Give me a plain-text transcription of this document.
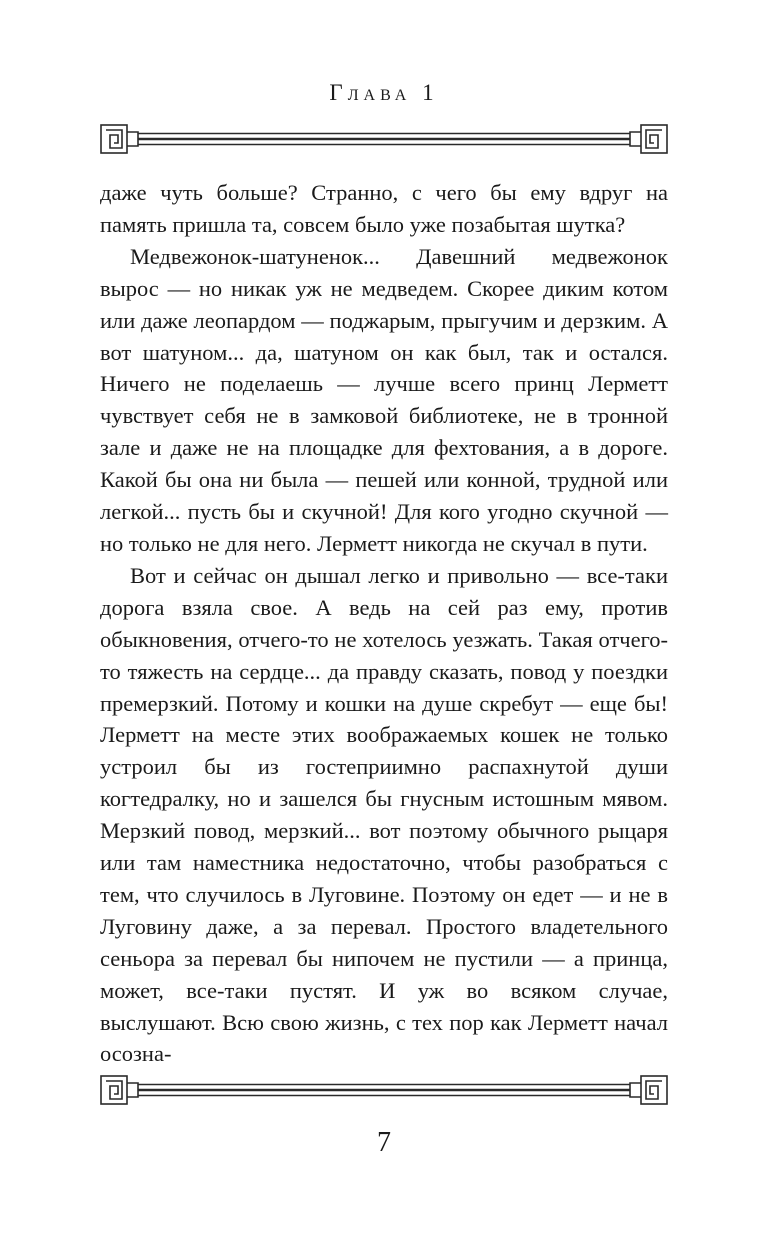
Глава 1

даже чуть больше? Странно, с чего бы ему вдруг на память пришла та, совсем было уже позабытая шутка?

Медвежонок-шатуненок... Давешний медвежонок вырос — но никак уж не медведем. Скорее диким котом или даже леопардом — поджарым, прыгучим и дерзким. А вот шатуном... да, шатуном он как был, так и остался. Ничего не поделаешь — лучше всего принц Лерметт чувствует себя не в замковой библиотеке, не в тронной зале и даже не на площадке для фехтования, а в дороге. Какой бы она ни была — пешей или конной, трудной или легкой... пусть бы и скучной! Для кого угодно скучной — но только не для него. Лерметт никогда не скучал в пути.

Вот и сейчас он дышал легко и привольно — все-таки дорога взяла свое. А ведь на сей раз ему, против обыкновения, отчего-то не хотелось уезжать. Такая отчего-то тяжесть на сердце... да правду сказать, повод у поездки премерзкий. Потому и кошки на душе скребут — еще бы! Лерметт на месте этих воображаемых кошек не только устроил бы из гостеприимно распахнутой души когтедралку, но и зашелся бы гнусным истошным мявом. Мерзкий повод, мерзкий... вот поэтому обычного рыцаря или там наместника недостаточно, чтобы разобраться с тем, что случилось в Луговине. Поэтому он едет — и не в Луговину даже, а за перевал. Простого владетельного сеньора за перевал бы нипочем не пустили — а принца, может, все-таки пустят. И уж во всяком случае, выслушают. Всю свою жизнь, с тех пор как Лерметт начал осозна-

7
